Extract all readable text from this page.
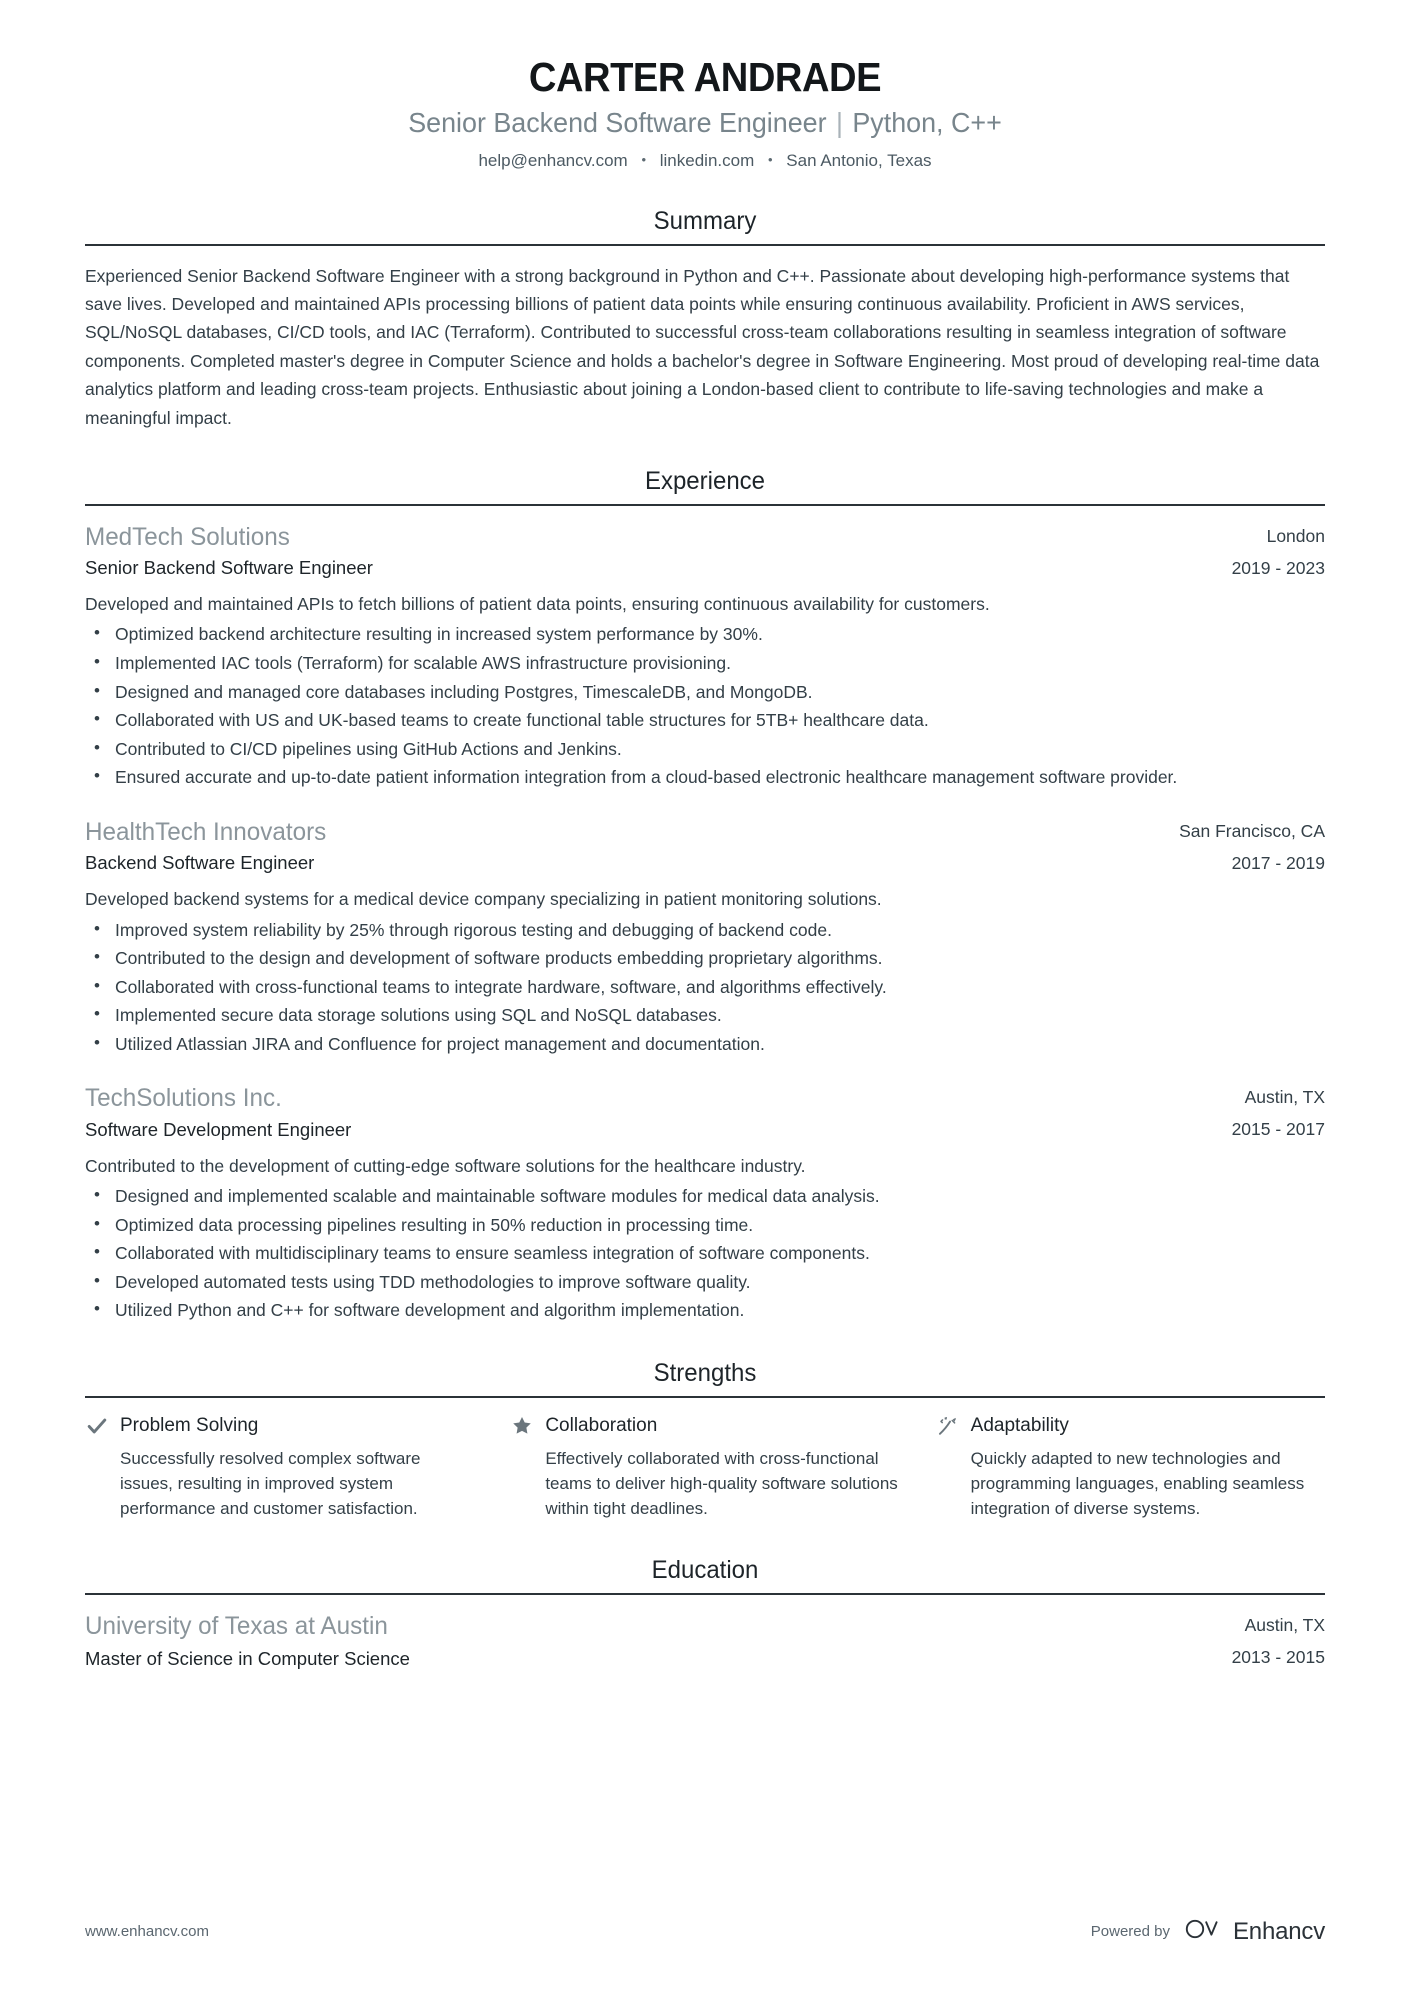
CARTER ANDRADE
Senior Backend Software Engineer | Python, C++
help@enhancv.com • linkedin.com • San Antonio, Texas
Summary

Experienced Senior Backend Software Engineer with a strong background in Python and C++. Passionate about developing high-performance systems that save lives. Developed and maintained APIs processing billions of patient data points while ensuring continuous availability. Proficient in AWS services, SQL/NoSQL databases, CI/CD tools, and IAC (Terraform). Contributed to successful cross-team collaborations resulting in seamless integration of software components. Completed master's degree in Computer Science and holds a bachelor's degree in Software Engineering. Most proud of developing real-time data analytics platform and leading cross-team projects. Enthusiastic about joining a London-based client to contribute to life-saving technologies and make a meaningful impact.

Experience
MedTech Solutions
Senior Backend Software Engineer
London
2019 - 2023

Developed and maintained APIs to fetch billions of patient data points, ensuring continuous availability for customers.

• Optimized backend architecture resulting in increased system performance by 30%.
• Implemented IAC tools (Terraform) for scalable AWS infrastructure provisioning.
• Designed and managed core databases including Postgres, TimescaleDB, and MongoDB.
• Collaborated with US and UK-based teams to create functional table structures for 5TB+ healthcare data.
• Contributed to CI/CD pipelines using GitHub Actions and Jenkins.
• Ensured accurate and up-to-date patient information integration from a cloud-based electronic healthcare management software provider.
HealthTech Innovators
Backend Software Engineer
San Francisco, CA
2017 - 2019

Developed backend systems for a medical device company specializing in patient monitoring solutions.

• Improved system reliability by 25% through rigorous testing and debugging of backend code.
• Contributed to the design and development of software products embedding proprietary algorithms.
• Collaborated with cross-functional teams to integrate hardware, software, and algorithms effectively.
• Implemented secure data storage solutions using SQL and NoSQL databases.
• Utilized Atlassian JIRA and Confluence for project management and documentation.
TechSolutions Inc.
Software Development Engineer
Austin, TX
2015 - 2017

Contributed to the development of cutting-edge software solutions for the healthcare industry.

• Designed and implemented scalable and maintainable software modules for medical data analysis.
• Optimized data processing pipelines resulting in 50% reduction in processing time.
• Collaborated with multidisciplinary teams to ensure seamless integration of software components.
• Developed automated tests using TDD methodologies to improve software quality.
• Utilized Python and C++ for software development and algorithm implementation.
Strengths
Problem Solving

Successfully resolved complex software issues, resulting in improved system performance and customer satisfaction.

Collaboration

Effectively collaborated with cross-functional teams to deliver high-quality software solutions within tight deadlines.

Adaptability

Quickly adapted to new technologies and programming languages, enabling seamless integration of diverse systems.

Education
University of Texas at Austin
Master of Science in Computer Science
Austin, TX
2013 - 2015
www.enhancv.com	Powered by	Enhancv
